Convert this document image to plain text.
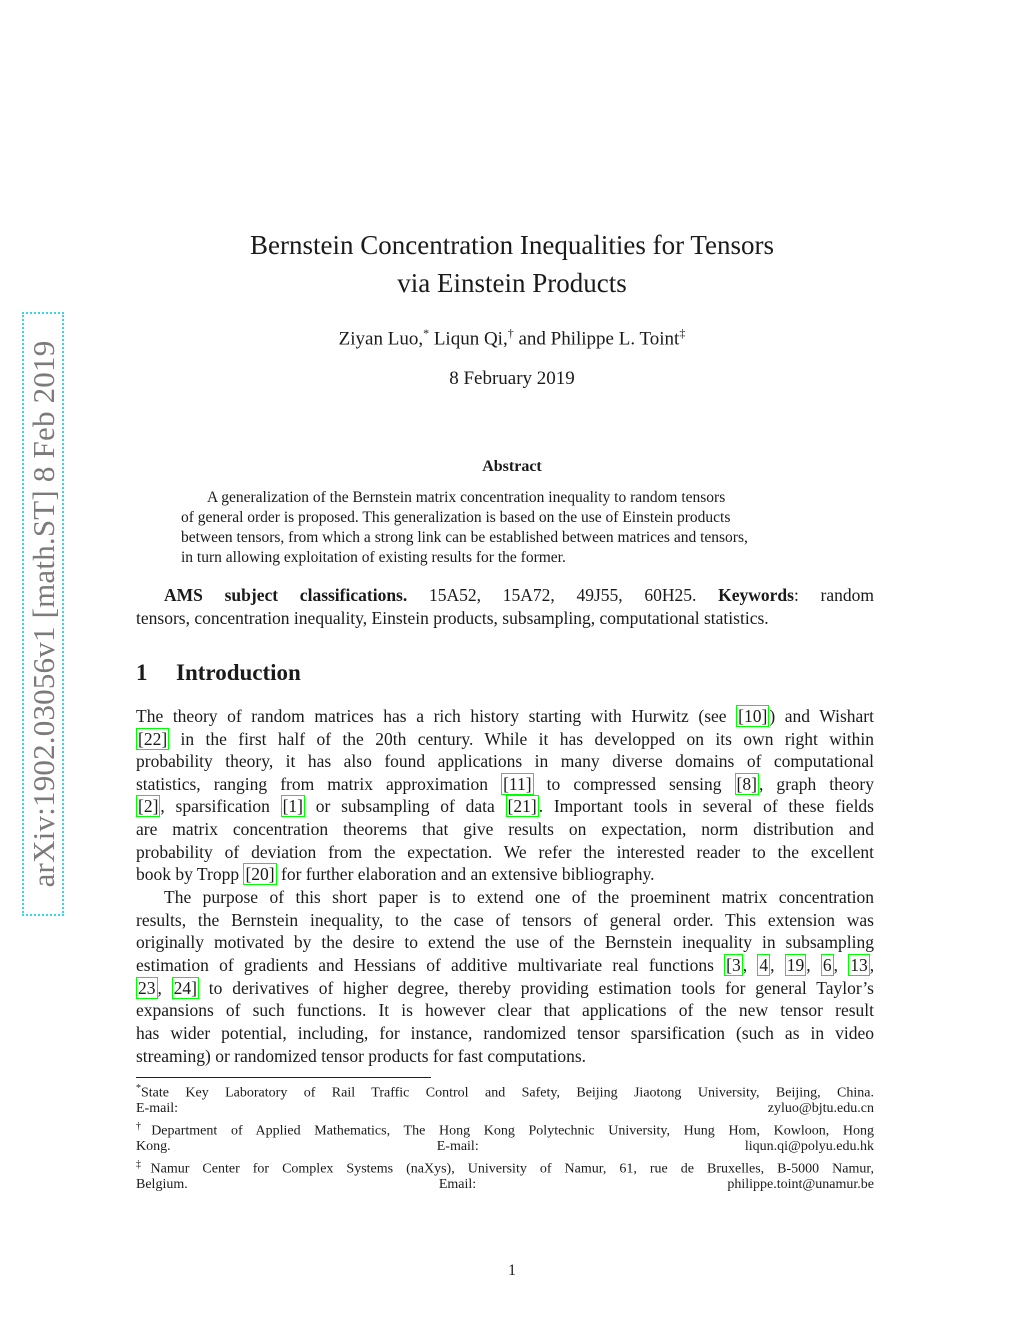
arXiv:1902.03056v1 [math.ST] 8 Feb 2019
Bernstein Concentration Inequalities for Tensors
via Einstein Products
Ziyan Luo,* Liqun Qi,† and Philippe L. Toint‡
8 February 2019
Abstract
A generalization of the Bernstein matrix concentration inequality to random tensors
of general order is proposed. This generalization is based on the use of Einstein products
between tensors, from which a strong link can be established between matrices and tensors,
in turn allowing exploitation of existing results for the former.
AMS subject classifications. 15A52, 15A72, 49J55, 60H25. Keywords: random
tensors, concentration inequality, Einstein products, subsampling, computational statistics.
1 Introduction
The theory of random matrices has a rich history starting with Hurwitz (see [10] ) and Wishart
[22] in the first half of the 20th century. While it has developped on its own right within
probability theory, it has also found applications in many diverse domains of computational
statistics, ranging from matrix approximation [11] to compressed sensing [8] , graph theory
[2] , sparsification [1] or subsampling of data [21] . Important tools in several of these fields
are matrix concentration theorems that give results on expectation, norm distribution and
probability of deviation from the expectation. We refer the interested reader to the excellent
book by Tropp [20] for further elaboration and an extensive bibliography.
The purpose of this short paper is to extend one of the proeminent matrix concentration
results, the Bernstein inequality, to the case of tensors of general order. This extension was
originally motivated by the desire to extend the use of the Bernstein inequality in subsampling
estimation of gradients and Hessians of additive multivariate real functions [3 , 4 , 19 , 6 , 13 ,
23 , 24] to derivatives of higher degree, thereby providing estimation tools for general Taylor’s
expansions of such functions. It is however clear that applications of the new tensor result
has wider potential, including, for instance, randomized tensor sparsification (such as in video
streaming) or randomized tensor products for fast computations.
*State Key Laboratory of Rail Traffic Control and Safety, Beijing Jiaotong University, Beijing, China.
E-mail: zyluo@bjtu.edu.cn
†Department of Applied Mathematics, The Hong Kong Polytechnic University, Hung Hom, Kowloon, Hong
Kong. E-mail: liqun.qi@polyu.edu.hk
‡Namur Center for Complex Systems (naXys), University of Namur, 61, rue de Bruxelles, B-5000 Namur,
Belgium. Email: philippe.toint@unamur.be
1
